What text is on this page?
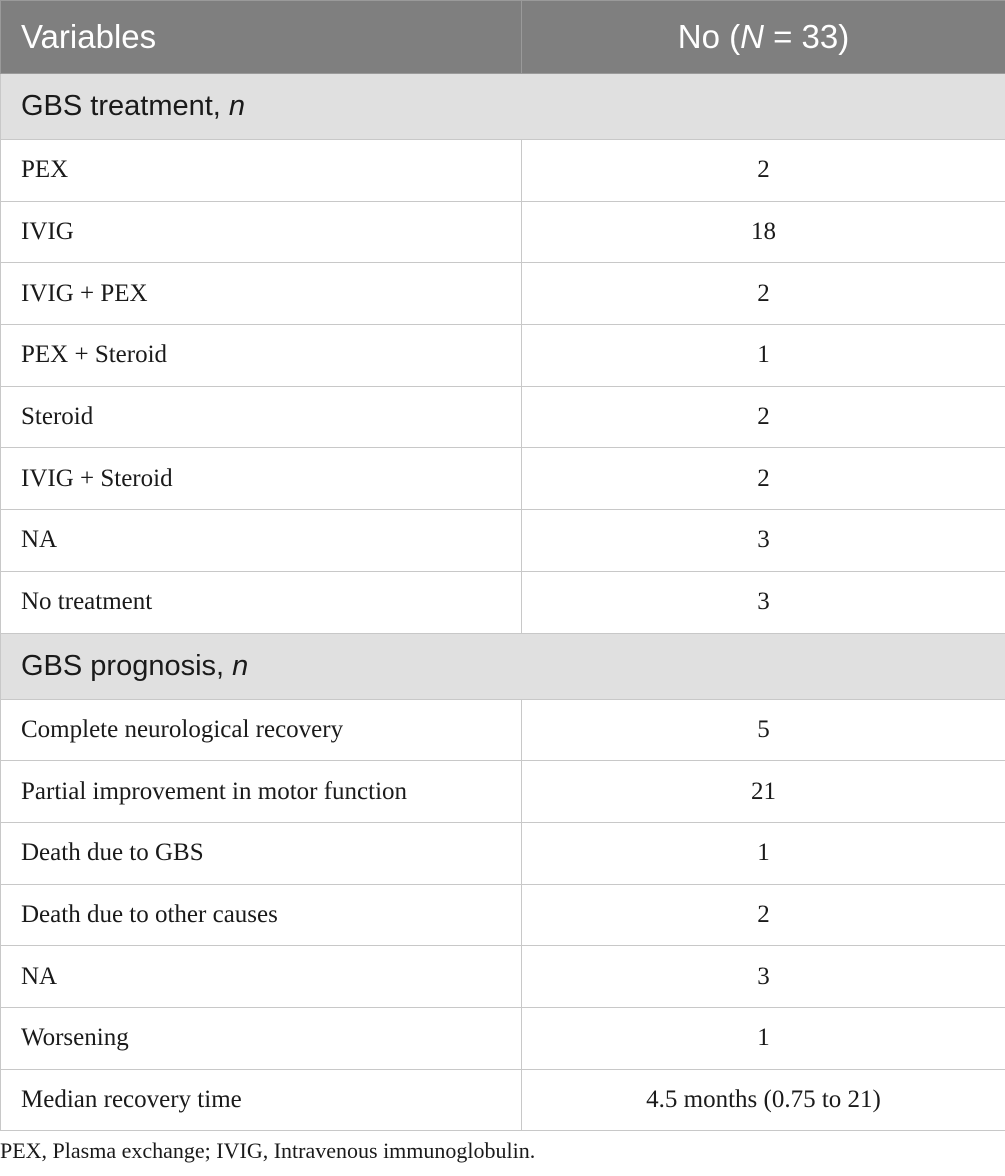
Variables	No (N = 33)
GBS treatment, n	
PEX	2
IVIG	18
IVIG + PEX	2
PEX + Steroid	1
Steroid	2
IVIG + Steroid	2
NA	3
No treatment	3
GBS prognosis, n	
Complete neurological recovery	5
Partial improvement in motor function	21
Death due to GBS	1
Death due to other causes	2
NA	3
Worsening	1
Median recovery time	4.5 months (0.75 to 21)
PEX, Plasma exchange; IVIG, Intravenous immunoglobulin.
